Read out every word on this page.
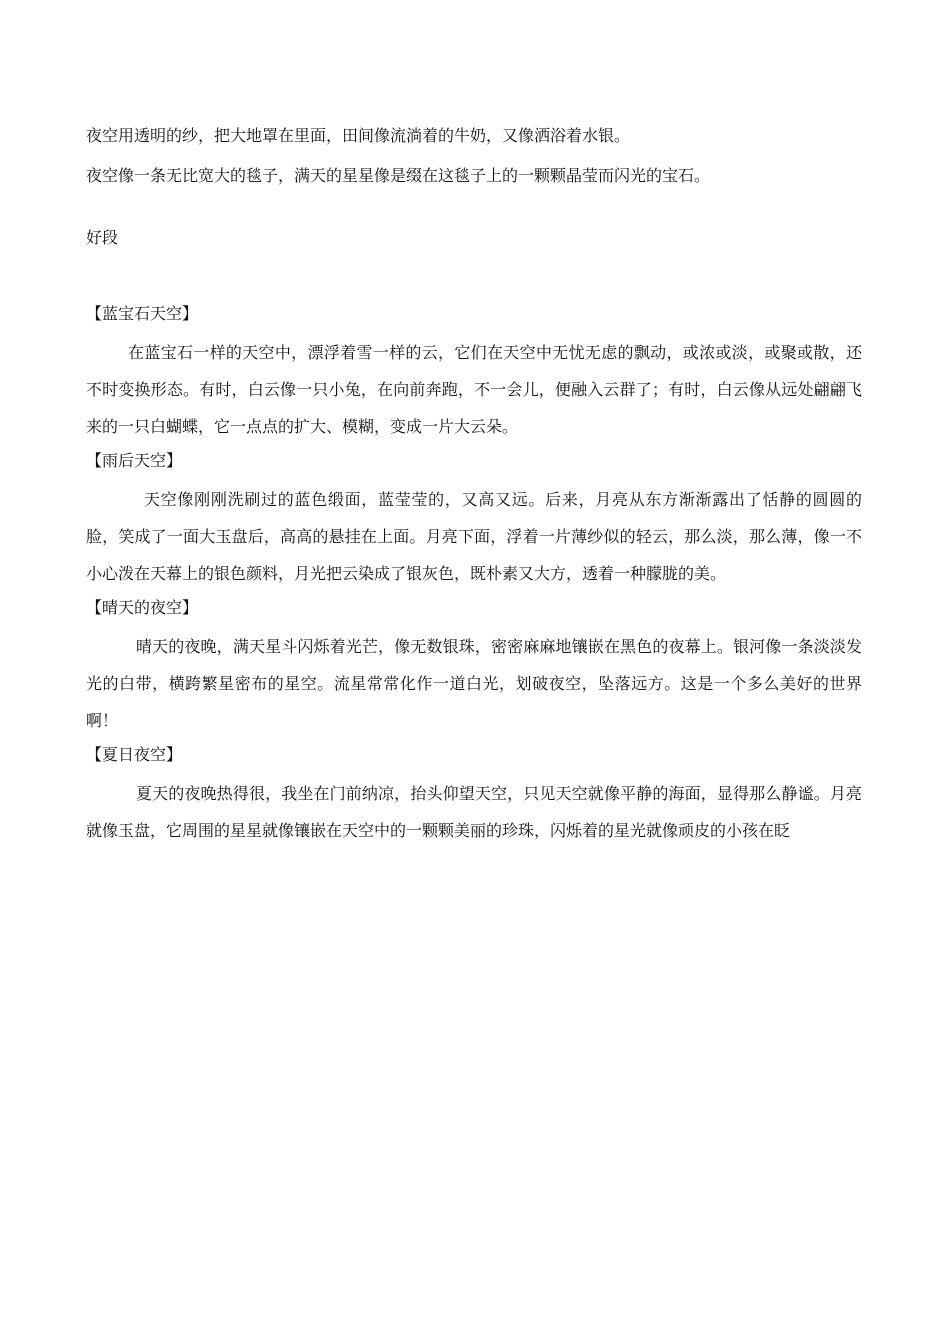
夜空用透明的纱，把大地罩在里面，田间像流淌着的牛奶，又像洒浴着水银。

夜空像一条无比宽大的毯子，满天的星星像是缀在这毯子上的一颗颗晶莹而闪光的宝石。

好段

【蓝宝石天空】

在蓝宝石一样的天空中，漂浮着雪一样的云，它们在天空中无忧无虑的飘动，或浓或淡，或聚或散，还不时变换形态。有时，白云像一只小兔，在向前奔跑，不一会儿，便融入云群了；有时，白云像从远处翩翩飞来的一只白蝴蝶，它一点点的扩大、模糊，变成一片大云朵。

【雨后天空】

天空像刚刚洗刷过的蓝色缎面，蓝莹莹的，又高又远。后来，月亮从东方渐渐露出了恬静的圆圆的脸，笑成了一面大玉盘后，高高的悬挂在上面。月亮下面，浮着一片薄纱似的轻云，那么淡，那么薄，像一不小心泼在天幕上的银色颜料，月光把云染成了银灰色，既朴素又大方，透着一种朦胧的美。

【晴天的夜空】

晴天的夜晚，满天星斗闪烁着光芒，像无数银珠，密密麻麻地镶嵌在黑色的夜幕上。银河像一条淡淡发光的白带，横跨繁星密布的星空。流星常常化作一道白光，划破夜空，坠落远方。这是一个多么美好的世界啊！

【夏日夜空】

夏天的夜晚热得很，我坐在门前纳凉，抬头仰望天空，只见天空就像平静的海面，显得那么静谧。月亮就像玉盘，它周围的星星就像镶嵌在天空中的一颗颗美丽的珍珠，闪烁着的星光就像顽皮的小孩在眨
